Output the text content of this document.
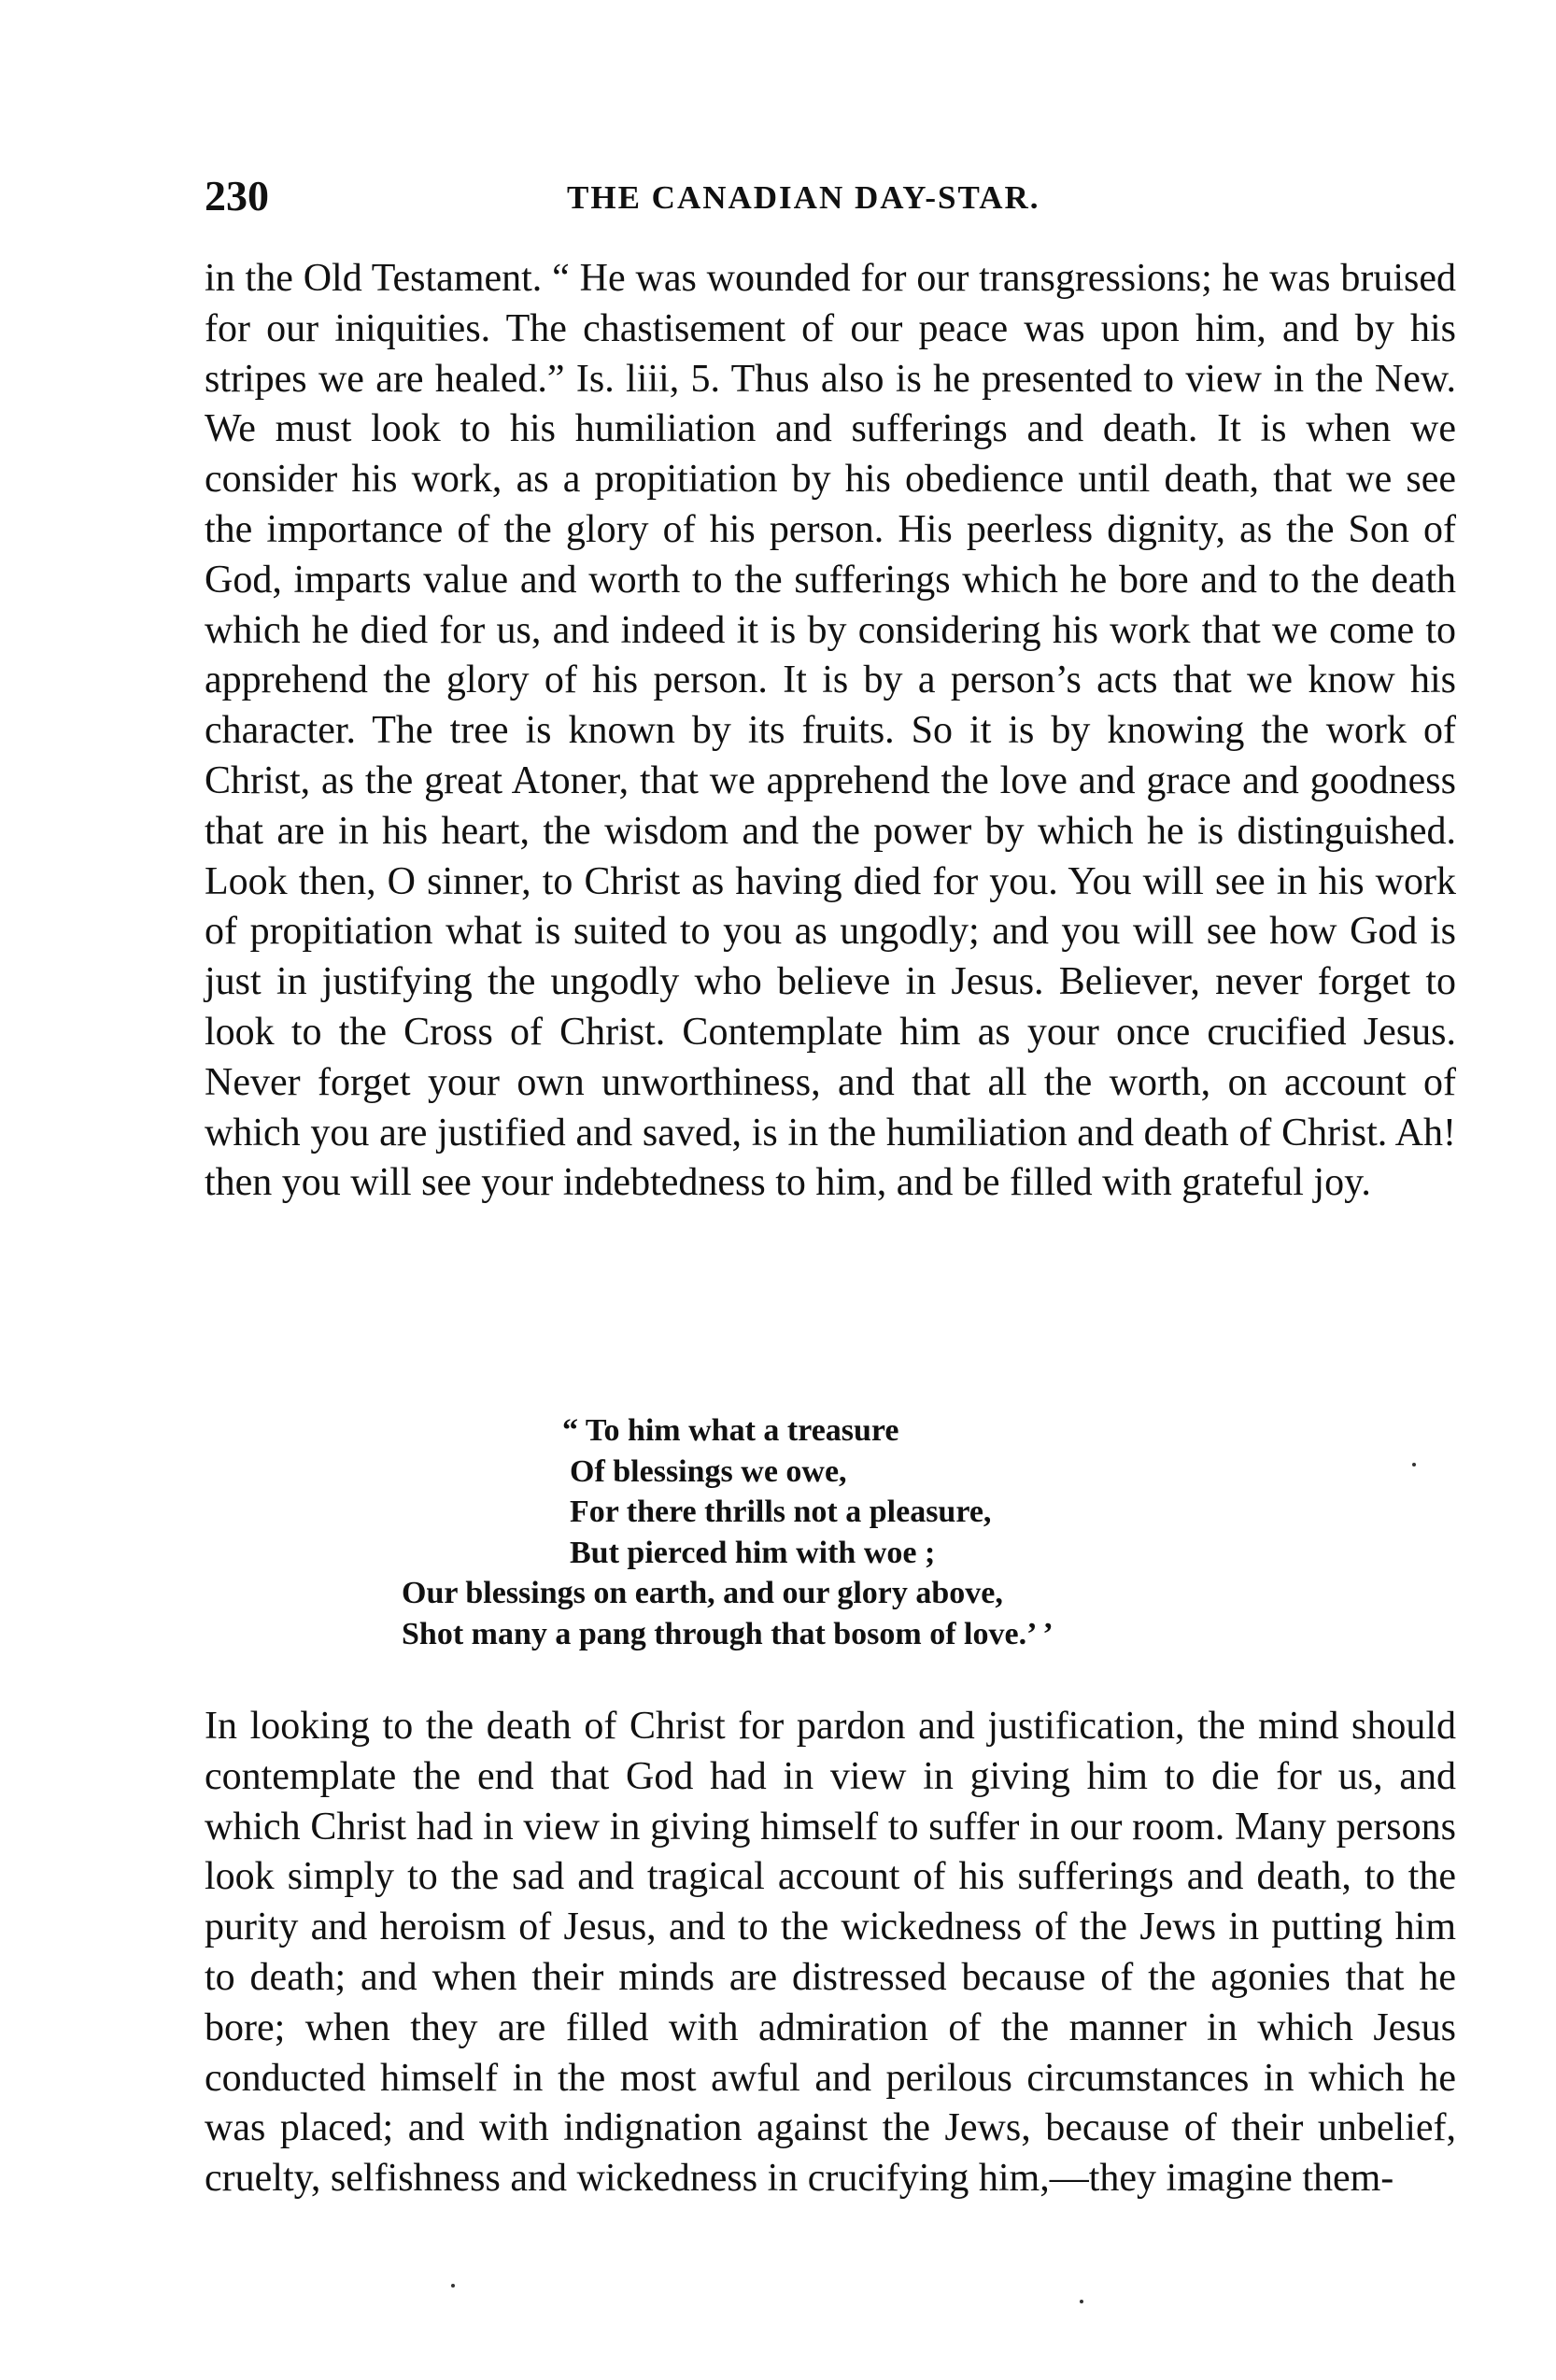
230	THE CANADIAN DAY-STAR.

in the Old Testament. “ He was wounded for our transgressions; he was bruised for our iniquities. The chastisement of our peace was upon him, and by his stripes we are healed.” Is. liii, 5. Thus also is he presented to view in the New. We must look to his humiliation and sufferings and death. It is when we consider his work, as a propitiation by his obedience until death, that we see the importance of the glory of his person. His peerless dignity, as the Son of God, imparts value and worth to the sufferings which he bore and to the death which he died for us, and indeed it is by considering his work that we come to apprehend the glory of his person. It is by a person’s acts that we know his character. The tree is known by its fruits. So it is by knowing the work of Christ, as the great Atoner, that we apprehend the love and grace and goodness that are in his heart, the wisdom and the power by which he is distinguished. Look then, O sinner, to Christ as having died for you. You will see in his work of propitiation what is suited to you as ungodly; and you will see how God is just in justifying the ungodly who believe in Jesus. Believer, never forget to look to the Cross of Christ. Contemplate him as your once crucified Jesus. Never forget your own unworthiness, and that all the worth, on account of which you are justified and saved, is in the humiliation and death of Christ. Ah! then you will see your indebtedness to him, and be filled with grateful joy.

“ To him what a treasure
Of blessings we owe,
For there thrills not a pleasure,
But pierced him with woe ;
Our blessings on earth, and our glory above,
Shot many a pang through that bosom of love.’ ’

In looking to the death of Christ for pardon and justification, the mind should contemplate the end that God had in view in giving him to die for us, and which Christ had in view in giving himself to suffer in our room. Many persons look simply to the sad and tragical account of his sufferings and death, to the purity and heroism of Jesus, and to the wickedness of the Jews in putting him to death; and when their minds are distressed because of the agonies that he bore; when they are filled with admiration of the manner in which Jesus conducted himself in the most awful and perilous circumstances in which he was placed; and with indignation against the Jews, because of their unbelief, cruelty, selfishness and wickedness in crucifying him,—they imagine them-
